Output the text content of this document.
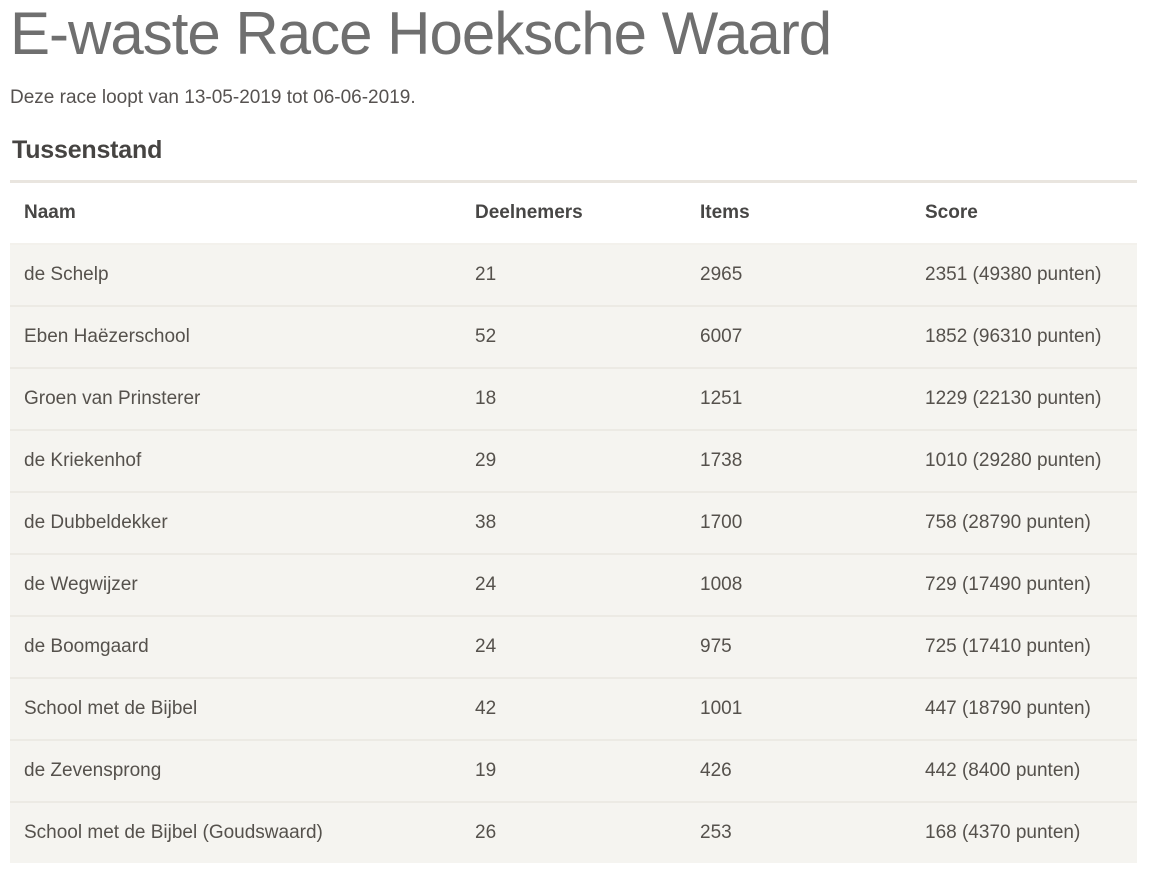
E-waste Race Hoeksche Waard

Deze race loopt van 13-05-2019 tot 06-06-2019.

Tussenstand
Naam	Deelnemers	Items	Score
de Schelp	21	2965	2351 (49380 punten)
Eben Haëzerschool	52	6007	1852 (96310 punten)
Groen van Prinsterer	18	1251	1229 (22130 punten)
de Kriekenhof	29	1738	1010 (29280 punten)
de Dubbeldekker	38	1700	758 (28790 punten)
de Wegwijzer	24	1008	729 (17490 punten)
de Boomgaard	24	975	725 (17410 punten)
School met de Bijbel	42	1001	447 (18790 punten)
de Zevensprong	19	426	442 (8400 punten)
School met de Bijbel (Goudswaard)	26	253	168 (4370 punten)
